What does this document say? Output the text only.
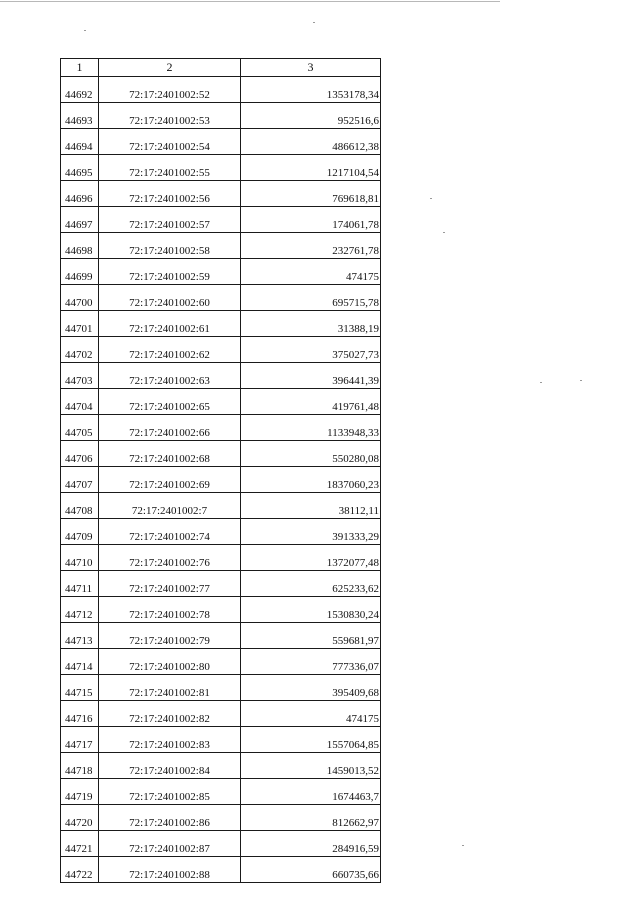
1	2	3
44692	72:17:2401002:52	1353178,34
44693	72:17:2401002:53	952516,6
44694	72:17:2401002:54	486612,38
44695	72:17:2401002:55	1217104,54
44696	72:17:2401002:56	769618,81
44697	72:17:2401002:57	174061,78
44698	72:17:2401002:58	232761,78
44699	72:17:2401002:59	474175
44700	72:17:2401002:60	695715,78
44701	72:17:2401002:61	31388,19
44702	72:17:2401002:62	375027,73
44703	72:17:2401002:63	396441,39
44704	72:17:2401002:65	419761,48
44705	72:17:2401002:66	1133948,33
44706	72:17:2401002:68	550280,08
44707	72:17:2401002:69	1837060,23
44708	72:17:2401002:7	38112,11
44709	72:17:2401002:74	391333,29
44710	72:17:2401002:76	1372077,48
44711	72:17:2401002:77	625233,62
44712	72:17:2401002:78	1530830,24
44713	72:17:2401002:79	559681,97
44714	72:17:2401002:80	777336,07
44715	72:17:2401002:81	395409,68
44716	72:17:2401002:82	474175
44717	72:17:2401002:83	1557064,85
44718	72:17:2401002:84	1459013,52
44719	72:17:2401002:85	1674463,7
44720	72:17:2401002:86	812662,97
44721	72:17:2401002:87	284916,59
44722	72:17:2401002:88	660735,66
